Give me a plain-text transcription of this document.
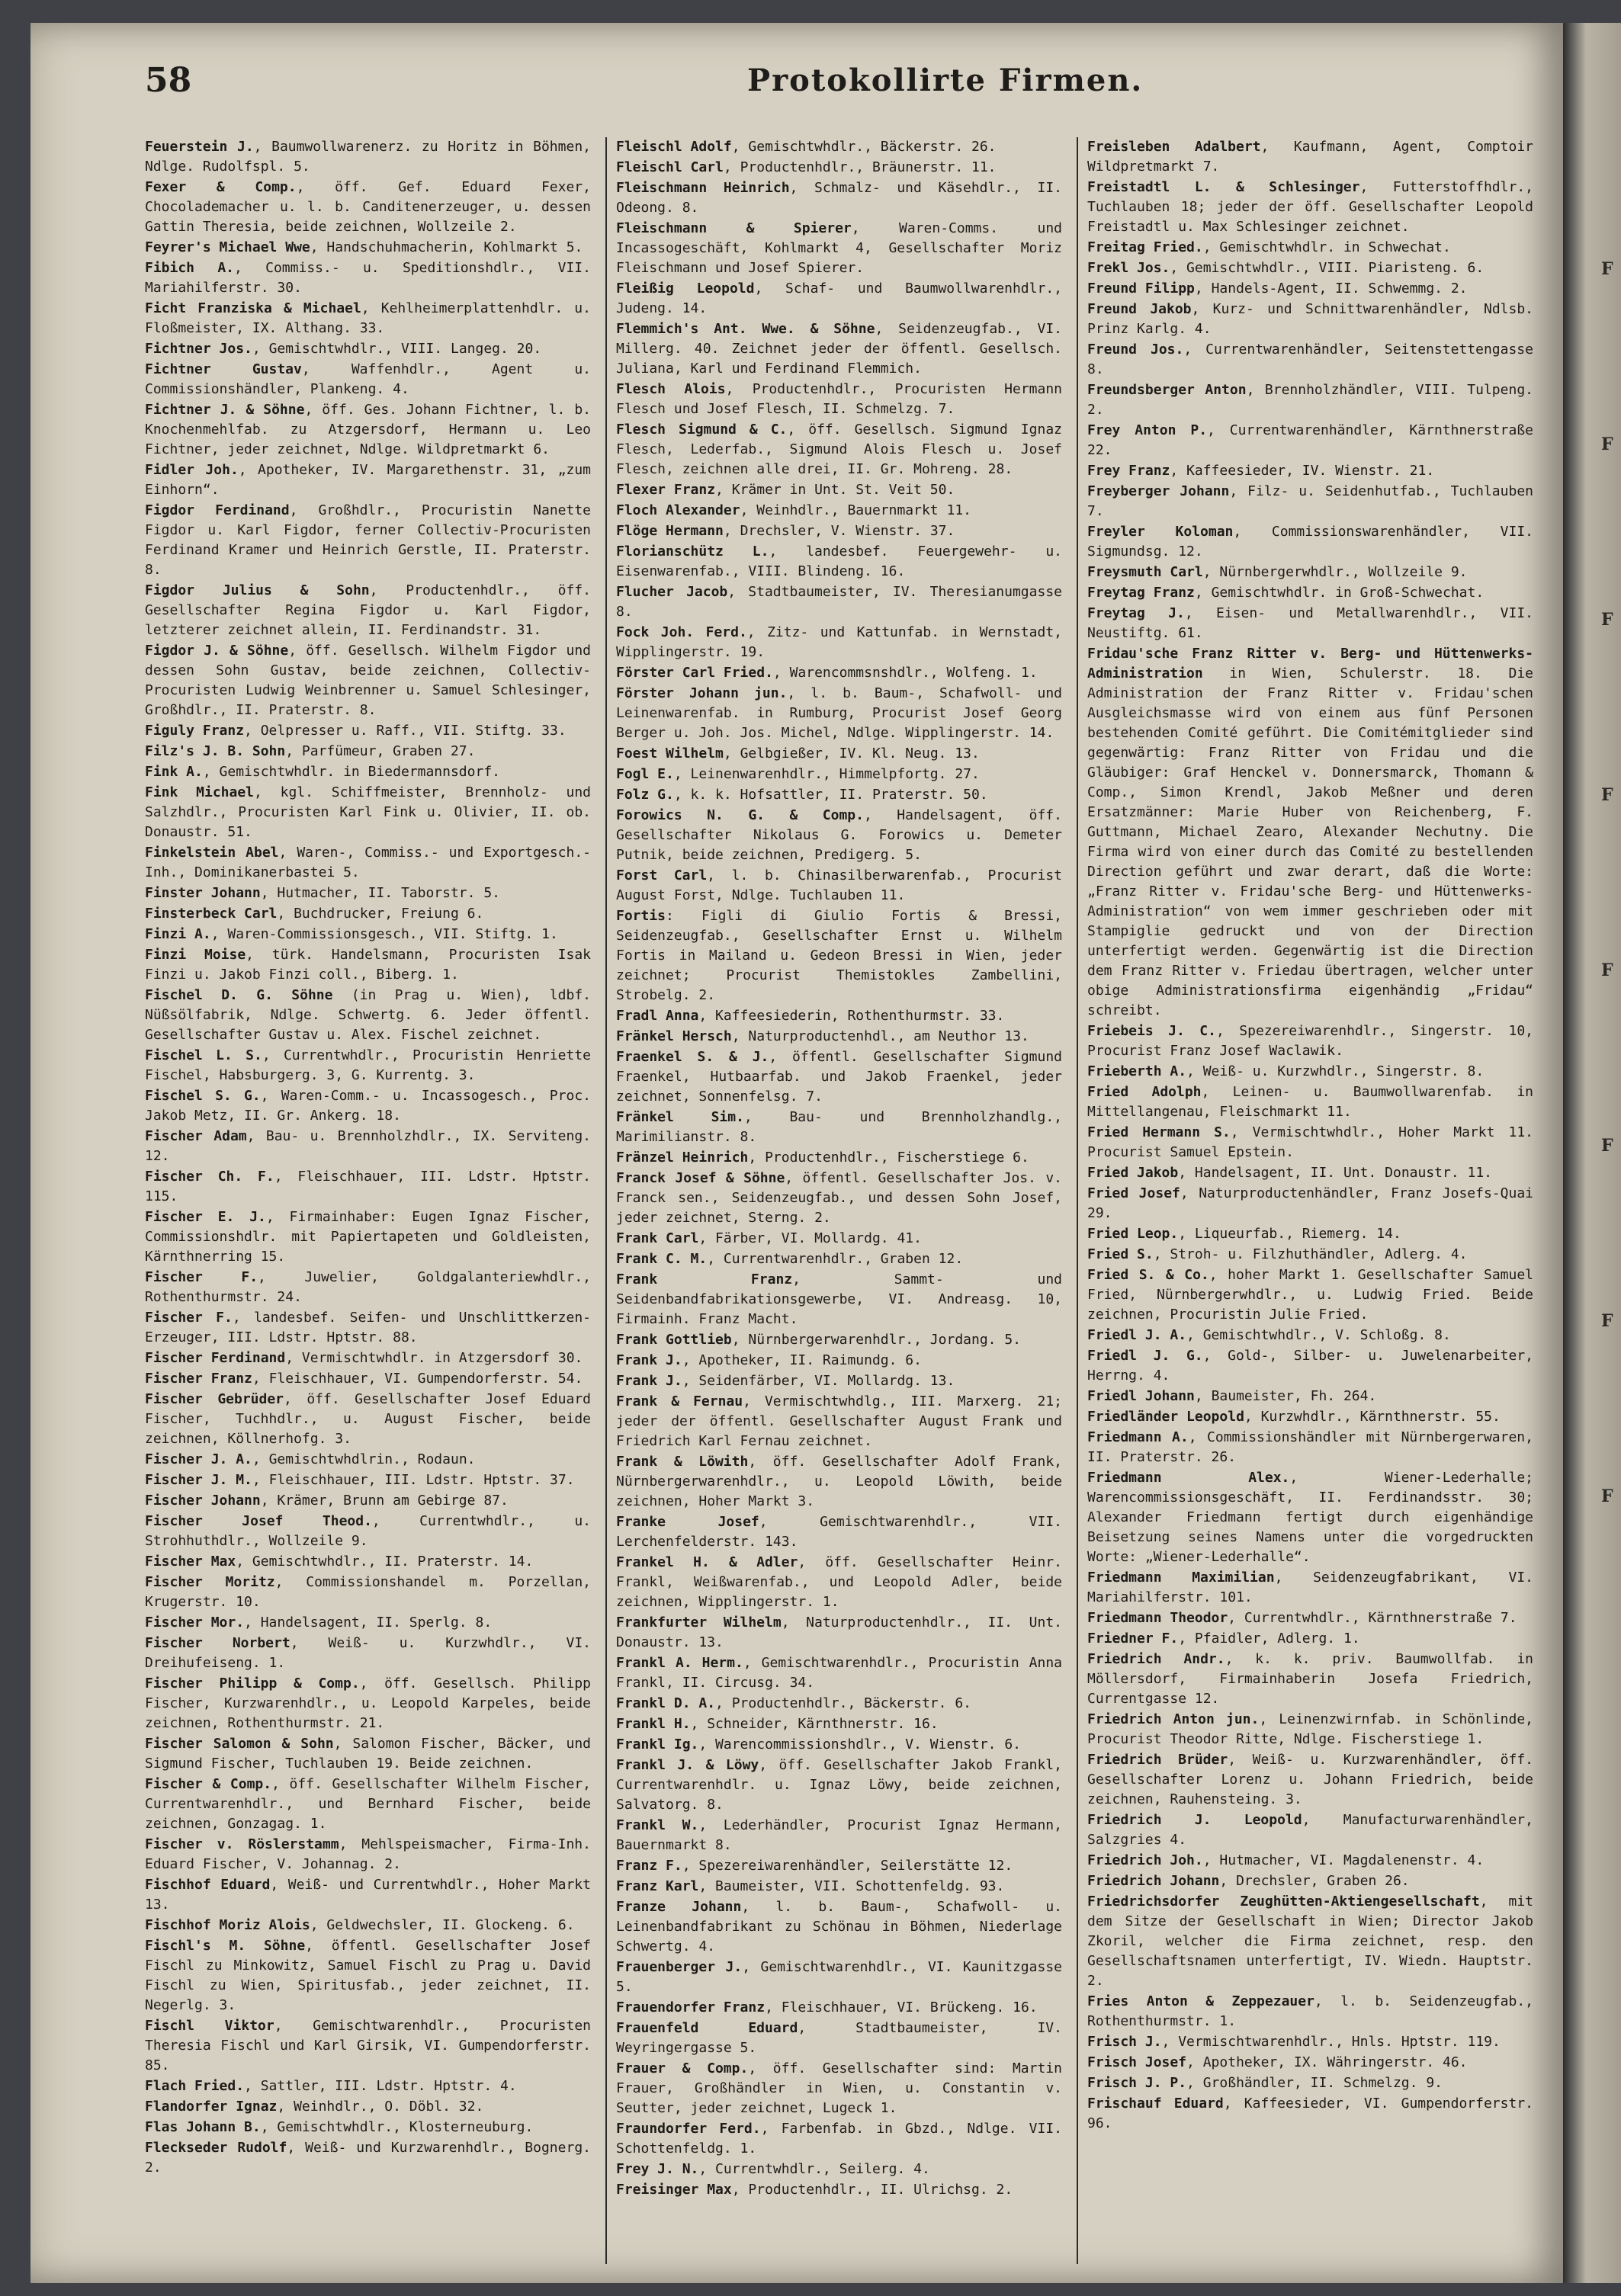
58	Protokollirte Firmen.

Feuerstein J., Baumwollwarenerz. zu Horitz in Böhmen, Ndlge. Rudolfspl. 5.

Fexer & Comp., öff. Gef. Eduard Fexer, Chocolademacher u. l. b. Canditenerzeuger, u. dessen Gattin Theresia, beide zeichnen, Wollzeile 2.

Feyrer's Michael Wwe, Handschuhmacherin, Kohlmarkt 5.

Fibich A., Commiss.- u. Speditionshdlr., VII. Mariahilferstr. 30.

Ficht Franziska & Michael, Kehlheimerplattenhdlr. u. Floßmeister, IX. Althang. 33.

Fichtner Jos., Gemischtwhdlr., VIII. Langeg. 20.

Fichtner Gustav, Waffenhdlr., Agent u. Commissionshändler, Plankeng. 4.

Fichtner J. & Söhne, öff. Ges. Johann Fichtner, l. b. Knochenmehlfab. zu Atzgersdorf, Hermann u. Leo Fichtner, jeder zeichnet, Ndlge. Wildpretmarkt 6.

Fidler Joh., Apotheker, IV. Margarethenstr. 31, „zum Einhorn“.

Figdor Ferdinand, Großhdlr., Procuristin Nanette Figdor u. Karl Figdor, ferner Collectiv-Procuristen Ferdinand Kramer und Heinrich Gerstle, II. Praterstr. 8.

Figdor Julius & Sohn, Productenhdlr., öff. Gesellschafter Regina Figdor u. Karl Figdor, letzterer zeichnet allein, II. Ferdinandstr. 31.

Figdor J. & Söhne, öff. Gesellsch. Wilhelm Figdor und dessen Sohn Gustav, beide zeichnen, Collectiv-Procuristen Ludwig Weinbrenner u. Samuel Schlesinger, Großhdlr., II. Praterstr. 8.

Figuly Franz, Oelpresser u. Raff., VII. Stiftg. 33.

Filz's J. B. Sohn, Parfümeur, Graben 27.

Fink A., Gemischtwhdlr. in Biedermannsdorf.

Fink Michael, kgl. Schiffmeister, Brennholz- und Salzhdlr., Procuristen Karl Fink u. Olivier, II. ob. Donaustr. 51.

Finkelstein Abel, Waren-, Commiss.- und Exportgesch.-Inh., Dominikanerbastei 5.

Finster Johann, Hutmacher, II. Taborstr. 5.

Finsterbeck Carl, Buchdrucker, Freiung 6.

Finzi A., Waren-Commissionsgesch., VII. Stiftg. 1.

Finzi Moise, türk. Handelsmann, Procuristen Isak Finzi u. Jakob Finzi coll., Biberg. 1.

Fischel D. G. Söhne (in Prag u. Wien), ldbf. Nüßsölfabrik, Ndlge. Schwertg. 6. Jeder öffentl. Gesellschafter Gustav u. Alex. Fischel zeichnet.

Fischel L. S., Currentwhdlr., Procuristin Henriette Fischel, Habsburgerg. 3, G. Kurrentg. 3.

Fischel S. G., Waren-Comm.- u. Incassogesch., Proc. Jakob Metz, II. Gr. Ankerg. 18.

Fischer Adam, Bau- u. Brennholzhdlr., IX. Serviteng. 12.

Fischer Ch. F., Fleischhauer, III. Ldstr. Hptstr. 115.

Fischer E. J., Firmainhaber: Eugen Ignaz Fischer, Commissionshdlr. mit Papiertapeten und Goldleisten, Kärnthnerring 15.

Fischer F., Juwelier, Goldgalanteriewhdlr., Rothenthurmstr. 24.

Fischer F., landesbef. Seifen- und Unschlittkerzen-Erzeuger, III. Ldstr. Hptstr. 88.

Fischer Ferdinand, Vermischtwhdlr. in Atzgersdorf 30.

Fischer Franz, Fleischhauer, VI. Gumpendorferstr. 54.

Fischer Gebrüder, öff. Gesellschafter Josef Eduard Fischer, Tuchhdlr., u. August Fischer, beide zeichnen, Köllnerhofg. 3.

Fischer J. A., Gemischtwhdlrin., Rodaun.

Fischer J. M., Fleischhauer, III. Ldstr. Hptstr. 37.

Fischer Johann, Krämer, Brunn am Gebirge 87.

Fischer Josef Theod., Currentwhdlr., u. Strohhuthdlr., Wollzeile 9.

Fischer Max, Gemischtwhdlr., II. Praterstr. 14.

Fischer Moritz, Commissionshandel m. Porzellan, Krugerstr. 10.

Fischer Mor., Handelsagent, II. Sperlg. 8.

Fischer Norbert, Weiß- u. Kurzwhdlr., VI. Dreihufeiseng. 1.

Fischer Philipp & Comp., öff. Gesellsch. Philipp Fischer, Kurzwarenhdlr., u. Leopold Karpeles, beide zeichnen, Rothenthurmstr. 21.

Fischer Salomon & Sohn, Salomon Fischer, Bäcker, und Sigmund Fischer, Tuchlauben 19. Beide zeichnen.

Fischer & Comp., öff. Gesellschafter Wilhelm Fischer, Currentwarenhdlr., und Bernhard Fischer, beide zeichnen, Gonzagag. 1.

Fischer v. Röslerstamm, Mehlspeismacher, Firma-Inh. Eduard Fischer, V. Johannag. 2.

Fischhof Eduard, Weiß- und Currentwhdlr., Hoher Markt 13.

Fischhof Moriz Alois, Geldwechsler, II. Glockeng. 6.

Fischl's M. Söhne, öffentl. Gesellschafter Josef Fischl zu Minkowitz, Samuel Fischl zu Prag u. David Fischl zu Wien, Spiritusfab., jeder zeichnet, II. Negerlg. 3.

Fischl Viktor, Gemischtwarenhdlr., Procuristen Theresia Fischl und Karl Girsik, VI. Gumpendorferstr. 85.

Flach Fried., Sattler, III. Ldstr. Hptstr. 4.

Flandorfer Ignaz, Weinhdlr., O. Döbl. 32.

Flas Johann B., Gemischtwhdlr., Klosterneuburg.

Fleckseder Rudolf, Weiß- und Kurzwarenhdlr., Bognerg. 2.

Fleischl Adolf, Gemischtwhdlr., Bäckerstr. 26.

Fleischl Carl, Productenhdlr., Bräunerstr. 11.

Fleischmann Heinrich, Schmalz- und Käsehdlr., II. Odeong. 8.

Fleischmann & Spierer, Waren-Comms. und Incassogeschäft, Kohlmarkt 4, Gesellschafter Moriz Fleischmann und Josef Spierer.

Fleißig Leopold, Schaf- und Baumwollwarenhdlr., Judeng. 14.

Flemmich's Ant. Wwe. & Söhne, Seidenzeugfab., VI. Millerg. 40. Zeichnet jeder der öffentl. Gesellsch. Juliana, Karl und Ferdinand Flemmich.

Flesch Alois, Productenhdlr., Procuristen Hermann Flesch und Josef Flesch, II. Schmelzg. 7.

Flesch Sigmund & C., öff. Gesellsch. Sigmund Ignaz Flesch, Lederfab., Sigmund Alois Flesch u. Josef Flesch, zeichnen alle drei, II. Gr. Mohreng. 28.

Flexer Franz, Krämer in Unt. St. Veit 50.

Floch Alexander, Weinhdlr., Bauernmarkt 11.

Flöge Hermann, Drechsler, V. Wienstr. 37.

Florianschütz L., landesbef. Feuergewehr- u. Eisenwarenfab., VIII. Blindeng. 16.

Flucher Jacob, Stadtbaumeister, IV. Theresianumgasse 8.

Fock Joh. Ferd., Zitz- und Kattunfab. in Wernstadt, Wipplingerstr. 19.

Förster Carl Fried., Warencommsnshdlr., Wolfeng. 1.

Förster Johann jun., l. b. Baum-, Schafwoll- und Leinenwarenfab. in Rumburg, Procurist Josef Georg Berger u. Joh. Jos. Michel, Ndlge. Wipplingerstr. 14.

Foest Wilhelm, Gelbgießer, IV. Kl. Neug. 13.

Fogl E., Leinenwarenhdlr., Himmelpfortg. 27.

Folz G., k. k. Hofsattler, II. Praterstr. 50.

Forowics N. G. & Comp., Handelsagent, öff. Gesellschafter Nikolaus G. Forowics u. Demeter Putnik, beide zeichnen, Predigerg. 5.

Forst Carl, l. b. Chinasilberwarenfab., Procurist August Forst, Ndlge. Tuchlauben 11.

Fortis: Figli di Giulio Fortis & Bressi, Seidenzeugfab., Gesellschafter Ernst u. Wilhelm Fortis in Mailand u. Gedeon Bressi in Wien, jeder zeichnet; Procurist Themistokles Zambellini, Strobelg. 2.

Fradl Anna, Kaffeesiederin, Rothenthurmstr. 33.

Fränkel Hersch, Naturproductenhdl., am Neuthor 13.

Fraenkel S. & J., öffentl. Gesellschafter Sigmund Fraenkel, Hutbaarfab. und Jakob Fraenkel, jeder zeichnet, Sonnenfelsg. 7.

Fränkel Sim., Bau- und Brennholzhandlg., Marimilianstr. 8.

Fränzel Heinrich, Productenhdlr., Fischerstiege 6.

Franck Josef & Söhne, öffentl. Gesellschafter Jos. v. Franck sen., Seidenzeugfab., und dessen Sohn Josef, jeder zeichnet, Sterng. 2.

Frank Carl, Färber, VI. Mollardg. 41.

Frank C. M., Currentwarenhdlr., Graben 12.

Frank Franz, Sammt- und Seidenbandfabrikationsgewerbe, VI. Andreasg. 10, Firmainh. Franz Macht.

Frank Gottlieb, Nürnbergerwarenhdlr., Jordang. 5.

Frank J., Apotheker, II. Raimundg. 6.

Frank J., Seidenfärber, VI. Mollardg. 13.

Frank & Fernau, Vermischtwhdlg., III. Marxerg. 21; jeder der öffentl. Gesellschafter August Frank und Friedrich Karl Fernau zeichnet.

Frank & Löwith, öff. Gesellschafter Adolf Frank, Nürnbergerwarenhdlr., u. Leopold Löwith, beide zeichnen, Hoher Markt 3.

Franke Josef, Gemischtwarenhdlr., VII. Lerchenfelderstr. 143.

Frankel H. & Adler, öff. Gesellschafter Heinr. Frankl, Weißwarenfab., und Leopold Adler, beide zeichnen, Wipplingerstr. 1.

Frankfurter Wilhelm, Naturproductenhdlr., II. Unt. Donaustr. 13.

Frankl A. Herm., Gemischtwarenhdlr., Procuristin Anna Frankl, II. Circusg. 34.

Frankl D. A., Productenhdlr., Bäckerstr. 6.

Frankl H., Schneider, Kärnthnerstr. 16.

Frankl Ig., Warencommissionshdlr., V. Wienstr. 6.

Frankl J. & Löwy, öff. Gesellschafter Jakob Frankl, Currentwarenhdlr. u. Ignaz Löwy, beide zeichnen, Salvatorg. 8.

Frankl W., Lederhändler, Procurist Ignaz Hermann, Bauernmarkt 8.

Franz F., Spezereiwarenhändler, Seilerstätte 12.

Franz Karl, Baumeister, VII. Schottenfeldg. 93.

Franze Johann, l. b. Baum-, Schafwoll- u. Leinenbandfabrikant zu Schönau in Böhmen, Niederlage Schwertg. 4.

Frauenberger J., Gemischtwarenhdlr., VI. Kaunitzgasse 5.

Frauendorfer Franz, Fleischhauer, VI. Brückeng. 16.

Frauenfeld Eduard, Stadtbaumeister, IV. Weyringergasse 5.

Frauer & Comp., öff. Gesellschafter sind: Martin Frauer, Großhändler in Wien, u. Constantin v. Seutter, jeder zeichnet, Lugeck 1.

Fraundorfer Ferd., Farbenfab. in Gbzd., Ndlge. VII. Schottenfeldg. 1.

Frey J. N., Currentwhdlr., Seilerg. 4.

Freisinger Max, Productenhdlr., II. Ulrichsg. 2.

Freisleben Adalbert, Kaufmann, Agent, Comptoir Wildpretmarkt 7.

Freistadtl L. & Schlesinger, Futterstoffhdlr., Tuchlauben 18; jeder der öff. Gesellschafter Leopold Freistadtl u. Max Schlesinger zeichnet.

Freitag Fried., Gemischtwhdlr. in Schwechat.

Frekl Jos., Gemischtwhdlr., VIII. Piaristeng. 6.

Freund Filipp, Handels-Agent, II. Schwemmg. 2.

Freund Jakob, Kurz- und Schnittwarenhändler, Ndlsb. Prinz Karlg. 4.

Freund Jos., Currentwarenhändler, Seitenstettengasse 8.

Freundsberger Anton, Brennholzhändler, VIII. Tulpeng. 2.

Frey Anton P., Currentwarenhändler, Kärnthnerstraße 22.

Frey Franz, Kaffeesieder, IV. Wienstr. 21.

Freyberger Johann, Filz- u. Seidenhutfab., Tuchlauben 7.

Freyler Koloman, Commissionswarenhändler, VII. Sigmundsg. 12.

Freysmuth Carl, Nürnbergerwhdlr., Wollzeile 9.

Freytag Franz, Gemischtwhdlr. in Groß-Schwechat.

Freytag J., Eisen- und Metallwarenhdlr., VII. Neustiftg. 61.

Fridau'sche Franz Ritter v. Berg- und Hüttenwerks-Administration in Wien, Schulerstr. 18. Die Administration der Franz Ritter v. Fridau'schen Ausgleichsmasse wird von einem aus fünf Personen bestehenden Comité geführt. Die Comitémitglieder sind gegenwärtig: Franz Ritter von Fridau und die Gläubiger: Graf Henckel v. Donnersmarck, Thomann & Comp., Simon Krendl, Jakob Meßner und deren Ersatzmänner: Marie Huber von Reichenberg, F. Guttmann, Michael Zearo, Alexander Nechutny. Die Firma wird von einer durch das Comité zu bestellenden Direction geführt und zwar derart, daß die Worte: „Franz Ritter v. Fridau'sche Berg- und Hüttenwerks-Administration“ von wem immer geschrieben oder mit Stampiglie gedruckt und von der Direction unterfertigt werden. Gegenwärtig ist die Direction dem Franz Ritter v. Friedau übertragen, welcher unter obige Administrationsfirma eigenhändig „Fridau“ schreibt.

Friebeis J. C., Spezereiwarenhdlr., Singerstr. 10, Procurist Franz Josef Waclawik.

Frieberth A., Weiß- u. Kurzwhdlr., Singerstr. 8.

Fried Adolph, Leinen- u. Baumwollwarenfab. in Mittellangenau, Fleischmarkt 11.

Fried Hermann S., Vermischtwhdlr., Hoher Markt 11. Procurist Samuel Epstein.

Fried Jakob, Handelsagent, II. Unt. Donaustr. 11.

Fried Josef, Naturproductenhändler, Franz Josefs-Quai 29.

Fried Leop., Liqueurfab., Riemerg. 14.

Fried S., Stroh- u. Filzhuthändler, Adlerg. 4.

Fried S. & Co., hoher Markt 1. Gesellschafter Samuel Fried, Nürnbergerwhdlr., u. Ludwig Fried. Beide zeichnen, Procuristin Julie Fried.

Friedl J. A., Gemischtwhdlr., V. Schloßg. 8.

Friedl J. G., Gold-, Silber- u. Juwelenarbeiter, Herrng. 4.

Friedl Johann, Baumeister, Fh. 264.

Friedländer Leopold, Kurzwhdlr., Kärnthnerstr. 55.

Friedmann A., Commissionshändler mit Nürnbergerwaren, II. Praterstr. 26.

Friedmann Alex., Wiener-Lederhalle; Warencommissionsgeschäft, II. Ferdinandsstr. 30; Alexander Friedmann fertigt durch eigenhändige Beisetzung seines Namens unter die vorgedruckten Worte: „Wiener-Lederhalle“.

Friedmann Maximilian, Seidenzeugfabrikant, VI. Mariahilferstr. 101.

Friedmann Theodor, Currentwhdlr., Kärnthnerstraße 7.

Friedner F., Pfaidler, Adlerg. 1.

Friedrich Andr., k. k. priv. Baumwollfab. in Möllersdorf, Firmainhaberin Josefa Friedrich, Currentgasse 12.

Friedrich Anton jun., Leinenzwirnfab. in Schönlinde, Procurist Theodor Ritte, Ndlge. Fischerstiege 1.

Friedrich Brüder, Weiß- u. Kurzwarenhändler, öff. Gesellschafter Lorenz u. Johann Friedrich, beide zeichnen, Rauhensteing. 3.

Friedrich J. Leopold, Manufacturwarenhändler, Salzgries 4.

Friedrich Joh., Hutmacher, VI. Magdalenenstr. 4.

Friedrich Johann, Drechsler, Graben 26.

Friedrichsdorfer Zeughütten-Aktiengesellschaft, mit dem Sitze der Gesellschaft in Wien; Director Jakob Zkoril, welcher die Firma zeichnet, resp. den Gesellschaftsnamen unterfertigt, IV. Wiedn. Hauptstr. 2.

Fries Anton & Zeppezauer, l. b. Seidenzeugfab., Rothenthurmstr. 1.

Frisch J., Vermischtwarenhdlr., Hnls. Hptstr. 119.

Frisch Josef, Apotheker, IX. Währingerstr. 46.

Frisch J. P., Großhändler, II. Schmelzg. 9.

Frischauf Eduard, Kaffeesieder, VI. Gumpendorferstr. 96.

F
F
F
F
F
F
F
F
